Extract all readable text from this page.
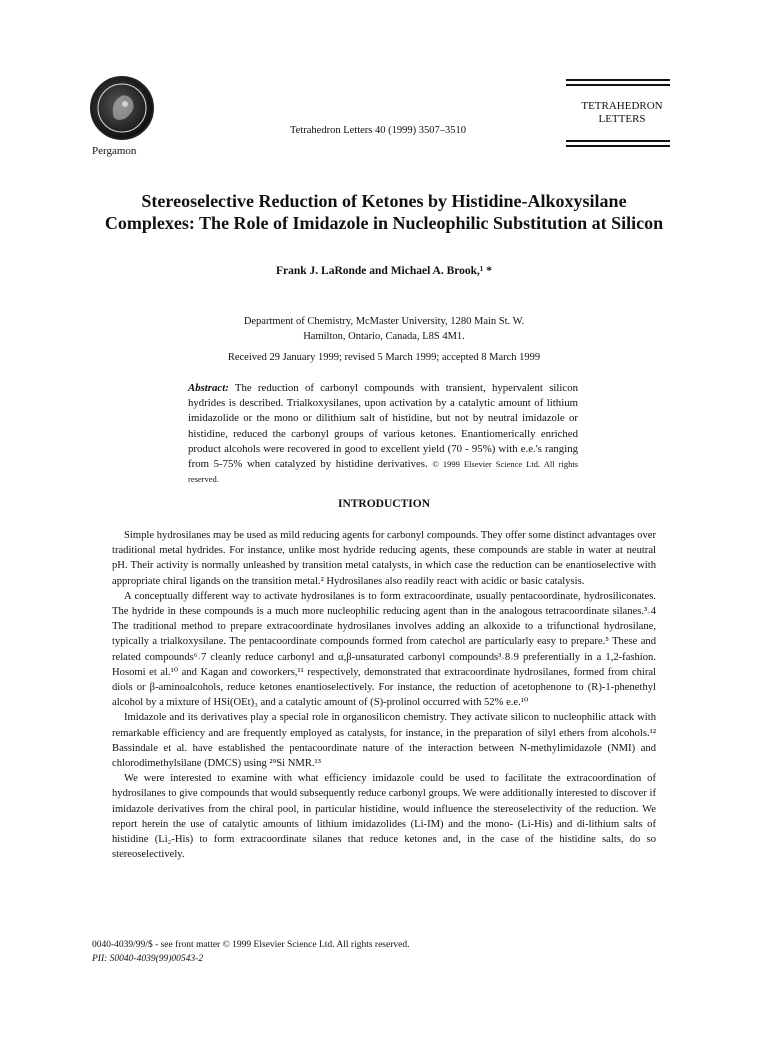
Pergamon
Tetrahedron Letters 40 (1999) 3507–3510
TETRAHEDRON
LETTERS
Stereoselective Reduction of Ketones by Histidine-Alkoxysilane Complexes: The Role of Imidazole in Nucleophilic Substitution at Silicon
Frank J. LaRonde and Michael A. Brook,¹ *
Department of Chemistry, McMaster University, 1280 Main St. W.
Hamilton, Ontario, Canada, L8S 4M1.
Received 29 January 1999; revised 5 March 1999; accepted 8 March 1999
Abstract: The reduction of carbonyl compounds with transient, hypervalent silicon hydrides is described. Trialkoxysilanes, upon activation by a catalytic amount of lithium imidazolide or the mono or dilithium salt of histidine, but not by neutral imidazole or histidine, reduced the carbonyl groups of various ketones. Enantiomerically enriched product alcohols were recovered in good to excellent yield (70 - 95%) with e.e.'s ranging from 5-75% when catalyzed by histidine derivatives. © 1999 Elsevier Science Ltd. All rights reserved.
INTRODUCTION

Simple hydrosilanes may be used as mild reducing agents for carbonyl compounds. They offer some distinct advantages over traditional metal hydrides. For instance, unlike most hydride reducing agents, these compounds are stable in water at neutral pH. Their activity is normally unleashed by transition metal catalysts, in which case the reduction can be enantioselective with appropriate chiral ligands on the transition metal.² Hydrosilanes also readily react with acidic or basic catalysis.

A conceptually different way to activate hydrosilanes is to form extracoordinate, usually pentacoordinate, hydrosiliconates. The hydride in these compounds is a much more nucleophilic reducing agent than in the analogous tetracoordinate silanes.³˒4 The traditional method to prepare extracoordinate hydrosilanes involves adding an alkoxide to a trifunctional hydrosilane, typically a trialkoxysilane. The pentacoordinate compounds formed from catechol are particularly easy to prepare.⁵ These and related compounds⁶˒7 cleanly reduce carbonyl and α,β-unsaturated carbonyl compounds³˒8˒9 preferentially in a 1,2-fashion. Hosomi et al.¹⁰ and Kagan and coworkers,¹¹ respectively, demonstrated that extracoordinate hydrosilanes, formed from chiral diols or β-aminoalcohols, reduce ketones enantioselectively. For instance, the reduction of acetophenone to (R)-1-phenethyl alcohol by a mixture of HSi(OEt)₃ and a catalytic amount of (S)-prolinol occurred with 52% e.e.¹⁰

Imidazole and its derivatives play a special role in organosilicon chemistry. They activate silicon to nucleophilic attack with remarkable efficiency and are frequently employed as catalysts, for instance, in the preparation of silyl ethers from alcohols.¹² Bassindale et al. have established the pentacoordinate nature of the interaction between N-methylimidazole (NMI) and chlorodimethylsilane (DMCS) using ²⁹Si NMR.¹³

We were interested to examine with what efficiency imidazole could be used to facilitate the extracoordination of hydrosilanes to give compounds that would subsequently reduce carbonyl groups. We were additionally interested to discover if imidazole derivatives from the chiral pool, in particular histidine, would influence the stereoselectivity of the reduction. We report herein the use of catalytic amounts of lithium imidazolides (Li-IM) and the mono- (Li-His) and di-lithium salts of histidine (Li₂-His) to form extracoordinate silanes that reduce ketones and, in the case of the histidine salts, do so stereoselectively.

0040-4039/99/$ - see front matter © 1999 Elsevier Science Ltd. All rights reserved.
PII: S0040-4039(99)00543-2
